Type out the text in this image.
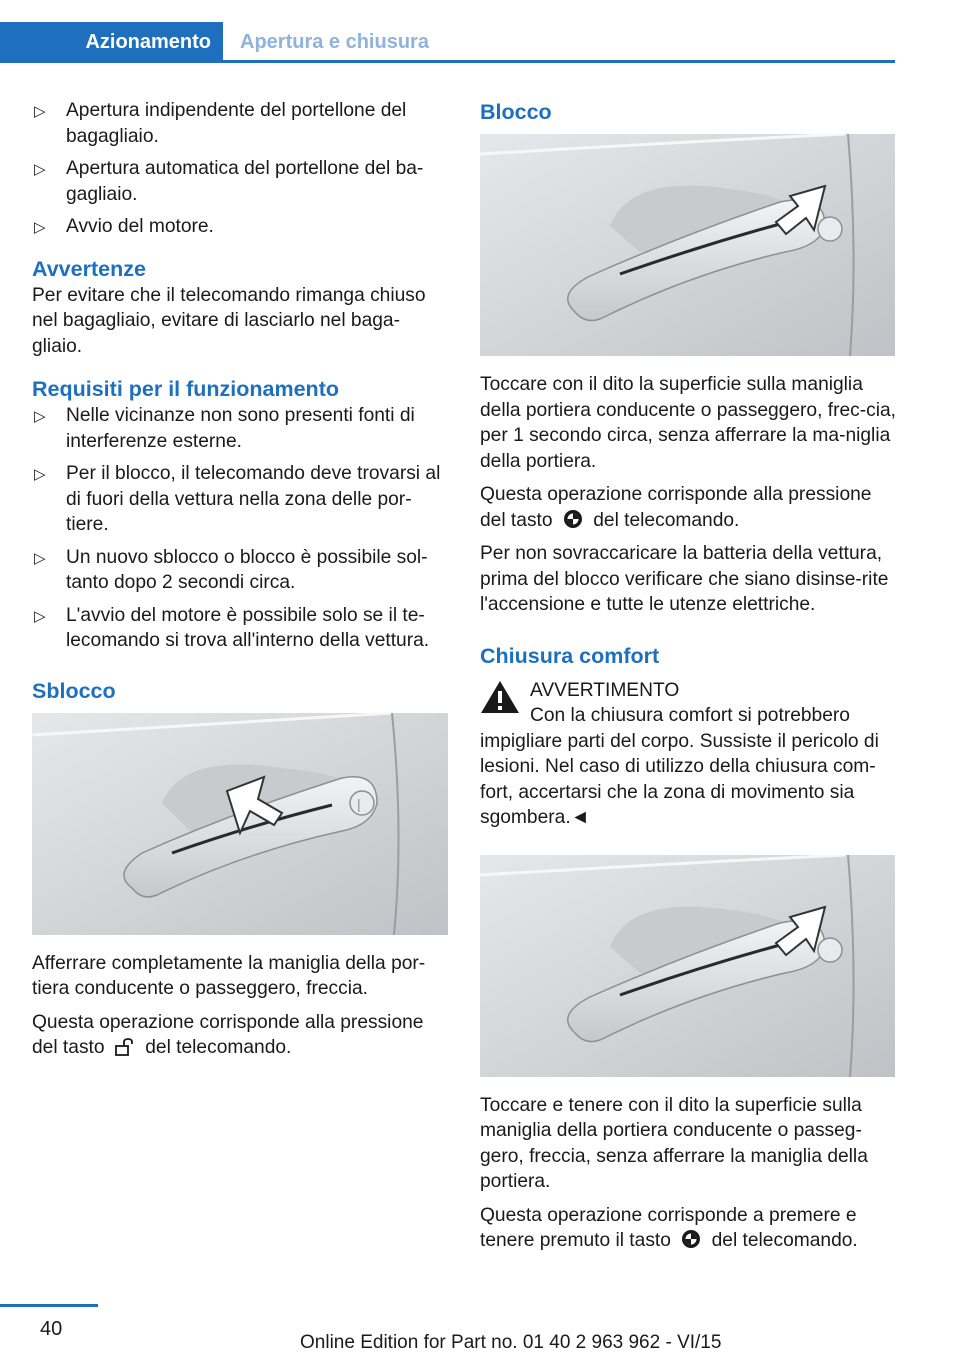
Azionamento	Apertura e chiusura
▷ Apertura indipendente del portellone del bagagliaio.
▷ Apertura automatica del portellone del ba-gagliaio.
▷ Avvio del motore.
Avvertenze

Per evitare che il telecomando rimanga chiuso nel bagagliaio, evitare di lasciarlo nel baga-gliaio.

Requisiti per il funzionamento
▷ Nelle vicinanze non sono presenti fonti di interferenze esterne.
▷ Per il blocco, il telecomando deve trovarsi al di fuori della vettura nella zona delle por-tiere.
▷ Un nuovo sblocco o blocco è possibile sol-tanto dopo 2 secondi circa.
▷ L'avvio del motore è possibile solo se il te-lecomando si trova all'interno della vettura.
Sblocco
|

Afferrare completamente la maniglia della por-tiera conducente o passeggero, freccia.

Questa operazione corrisponde alla pressione del tasto del telecomando.

Blocco

Toccare con il dito la superficie sulla maniglia della portiera conducente o passeggero, frec-cia, per 1 secondo circa, senza afferrare la ma-niglia della portiera.

Questa operazione corrisponde alla pressione del tasto del telecomando.

Per non sovraccaricare la batteria della vettura, prima del blocco verificare che siano disinse-rite l'accensione e tutte le utenze elettriche.

Chiusura comfort
AVVERTIMENTO

Con la chiusura comfort si potrebbero impigliare parti del corpo. Sussiste il pericolo di lesioni. Nel caso di utilizzo della chiusura com-fort, accertarsi che la zona di movimento sia sgombera.◄

Toccare e tenere con il dito la superficie sulla maniglia della portiera conducente o passeg-gero, freccia, senza afferrare la maniglia della portiera.

Questa operazione corrisponde a premere e tenere premuto il tasto del telecomando.

40
Online Edition for Part no. 01 40 2 963 962 - VI/15
